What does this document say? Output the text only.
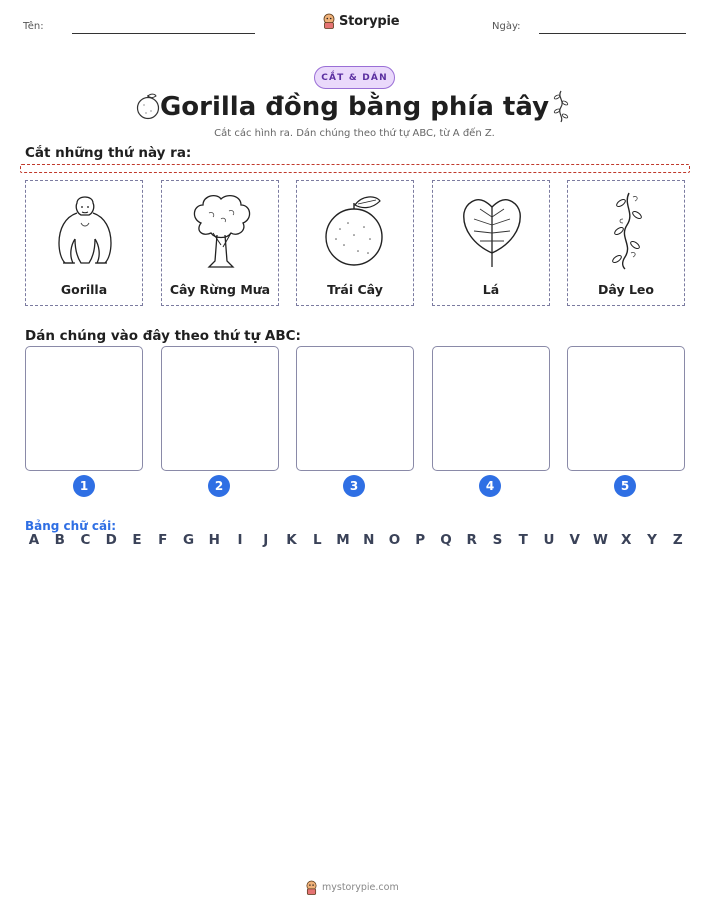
Tên:	Storypie	Ngày:
CẮT & DÁN
Gorilla đồng bằng phía tây
Cắt các hình ra. Dán chúng theo thứ tự ABC, từ A đến Z.
Cắt những thứ này ra:
Gorilla	Cây Rừng Mưa	Trái Cây	Lá	Dây Leo
Dán chúng vào đây theo thứ tự ABC:
1	2	3	4	5
Bảng chữ cái:
A B C D	E	F	G H	I	J	K	L	M N O P Q R	S	T	U V W X	Y	Z
mystorypie.com
